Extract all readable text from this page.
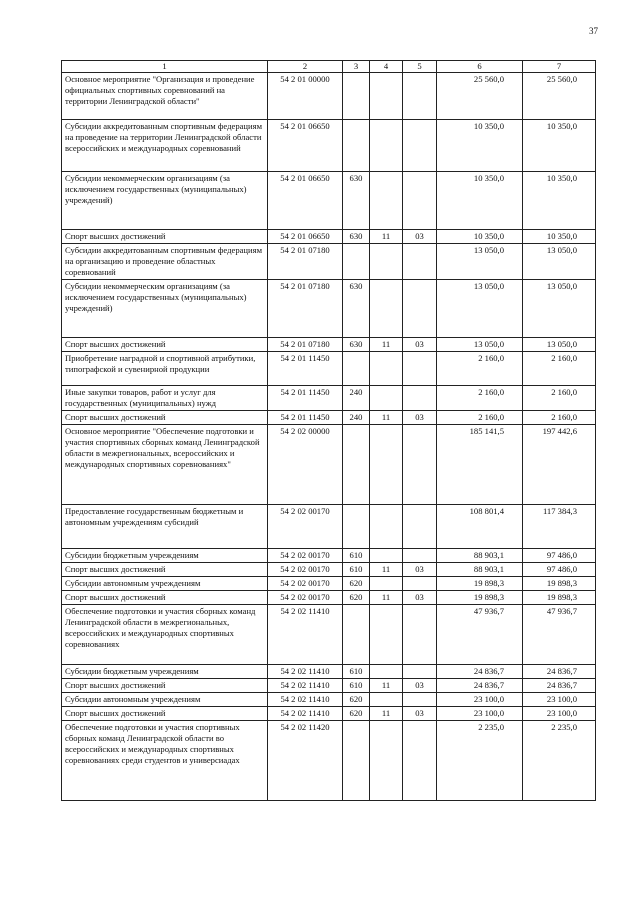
37
1	2	3	4	5	6	7
Основное мероприятие "Организация и проведение официальных спортивных соревнований на территории Ленинградской области"	54 2 01 00000				25 560,0	25 560,0
Субсидии аккредитованным спортивным федерациям на проведение на территории Ленинградской области всероссийских и международных соревнований	54 2 01 06650				10 350,0	10 350,0
Субсидии некоммерческим организациям (за исключением государственных (муниципальных) учреждений)	54 2 01 06650	630			10 350,0	10 350,0
Спорт высших достижений	54 2 01 06650	630	11	03	10 350,0	10 350,0
Субсидии аккредитованным спортивным федерациям на организацию и проведение областных соревнований	54 2 01 07180				13 050,0	13 050,0
Субсидии некоммерческим организациям (за исключением государственных (муниципальных) учреждений)	54 2 01 07180	630			13 050,0	13 050,0
Спорт высших достижений	54 2 01 07180	630	11	03	13 050,0	13 050,0
Приобретение наградной и спортивной атрибутики, типографской и сувенирной продукции	54 2 01 11450				2 160,0	2 160,0
Иные закупки товаров, работ и услуг для государственных (муниципальных) нужд	54 2 01 11450	240			2 160,0	2 160,0
Спорт высших достижений	54 2 01 11450	240	11	03	2 160,0	2 160,0
Основное мероприятие "Обеспечение подготовки и участия спортивных сборных команд Ленинградской области в межрегиональных, всероссийских и международных спортивных соревнованиях"	54 2 02 00000				185 141,5	197 442,6
Предоставление государственным бюджетным и автономным учреждениям субсидий	54 2 02 00170				108 801,4	117 384,3
Субсидии бюджетным учреждениям	54 2 02 00170	610			88 903,1	97 486,0
Спорт высших достижений	54 2 02 00170	610	11	03	88 903,1	97 486,0
Субсидии автономным учреждениям	54 2 02 00170	620			19 898,3	19 898,3
Спорт высших достижений	54 2 02 00170	620	11	03	19 898,3	19 898,3
Обеспечение подготовки и участия сборных команд Ленинградской области в межрегиональных, всероссийских и международных спортивных соревнованиях	54 2 02 11410				47 936,7	47 936,7
Субсидии бюджетным учреждениям	54 2 02 11410	610			24 836,7	24 836,7
Спорт высших достижений	54 2 02 11410	610	11	03	24 836,7	24 836,7
Субсидии автономным учреждениям	54 2 02 11410	620			23 100,0	23 100,0
Спорт высших достижений	54 2 02 11410	620	11	03	23 100,0	23 100,0
Обеспечение подготовки и участия спортивных сборных команд Ленинградской области во всероссийских и международных спортивных соревнованиях среди студентов и универсиадах	54 2 02 11420				2 235,0	2 235,0
